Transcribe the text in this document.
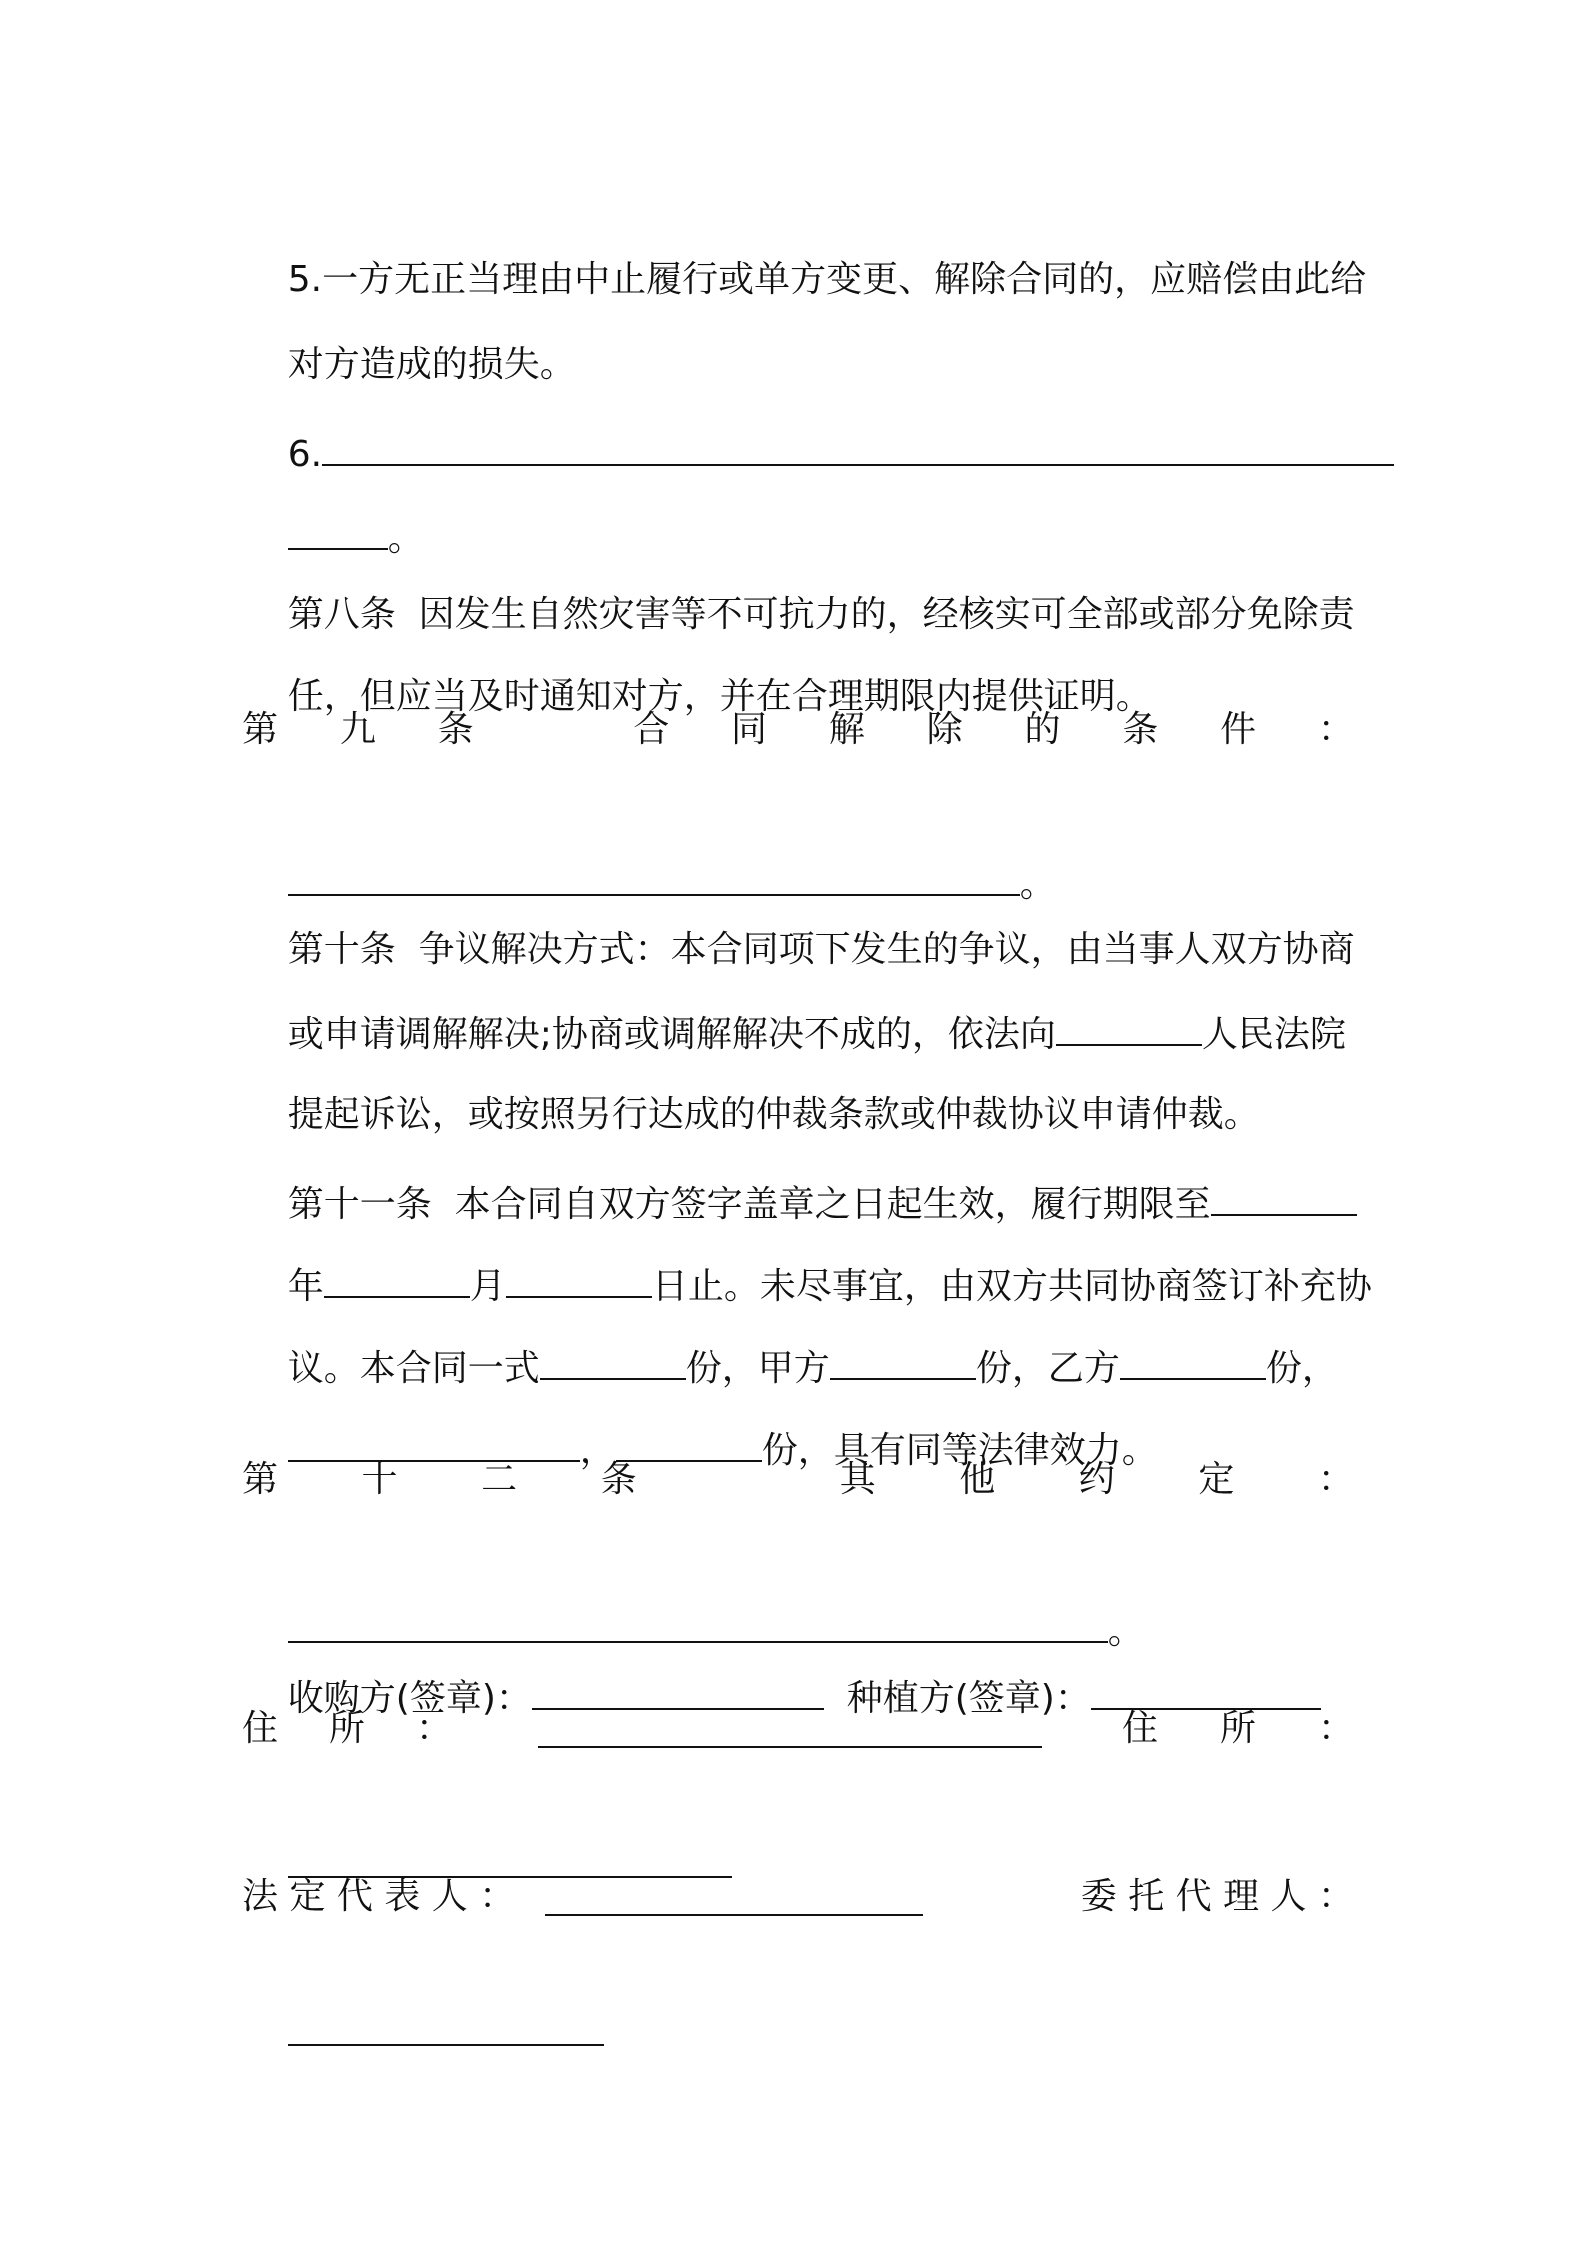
5.一方无正当理由中止履行或单方变更、解除合同的，应赔偿由此给

对方造成的损失。

6.

。

第八条  因发生自然灾害等不可抗力的，经核实可全部或部分免除责

任，但应当及时通知对方，并在合理期限内提供证明。

第 九 条	合 同 解 除 的 条 件 ：

。

第十条  争议解决方式：本合同项下发生的争议，由当事人双方协商

或申请调解解决;协商或调解解决不成的，依法向	人民法院

提起诉讼，或按照另行达成的仲裁条款或仲裁协议申请仲裁。

第十一条  本合同自双方签字盖章之日起生效，履行期限至

年	月	日止。未尽事宜，由双方共同协商签订补充协

议。本合同一式	份，甲方	份，乙方	份，

，	份，具有同等法律效力。

第 十 二 条	其 他 约 定 ：

。

收购方(签章)：	种植方(签章)：

住 所 ：	住 所 ：

法 定 代 表 人 ：	委 托 代 理 人 ：
